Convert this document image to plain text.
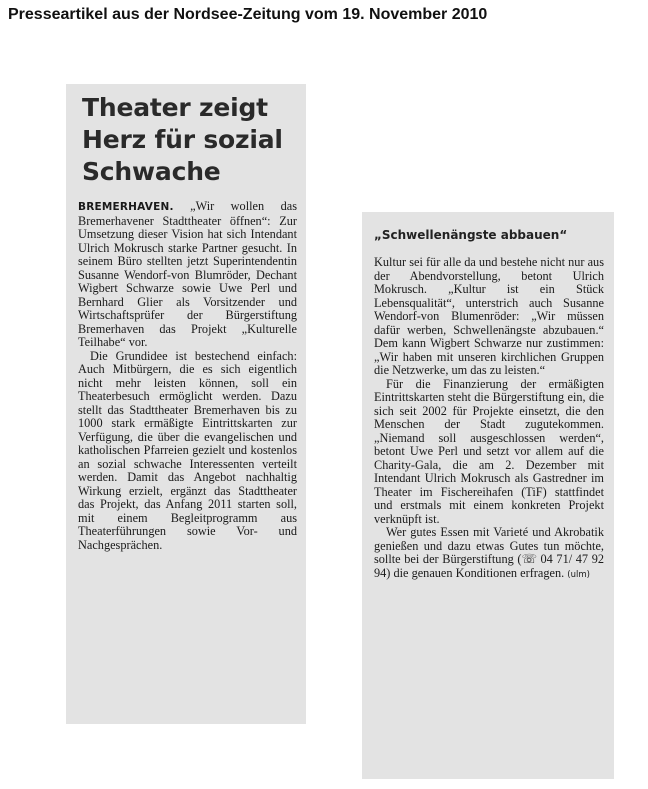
Presseartikel aus der Nordsee-Zeitung vom 19. November 2010
Theater zeigt Herz für sozial Schwache

BREMERHAVEN. „Wir wollen das Bremerhavener Stadttheater öffnen“: Zur Umsetzung dieser Vision hat sich Intendant Ulrich Mokrusch starke Partner gesucht. In seinem Büro stellten jetzt Superintendentin Susanne Wendorf-von Blumröder, Dechant Wigbert Schwarze sowie Uwe Perl und Bernhard Glier als Vorsitzender und Wirtschaftsprüfer der Bürgerstiftung Bremerhaven das Projekt „Kulturelle Teilhabe“ vor.

Die Grundidee ist bestechend einfach: Auch Mitbürgern, die es sich eigentlich nicht mehr leisten können, soll ein Theaterbesuch ermöglicht werden. Dazu stellt das Stadttheater Bremerhaven bis zu 1000 stark ermäßigte Eintrittskarten zur Verfügung, die über die evangelischen und katholischen Pfarreien gezielt und kostenlos an sozial schwache Interessenten verteilt werden. Damit das Angebot nachhaltig Wirkung erzielt, ergänzt das Stadttheater das Projekt, das Anfang 2011 starten soll, mit einem Begleitprogramm aus Theaterführungen sowie Vor- und Nachgesprächen.

„Schwellenängste abbauen“

Kultur sei für alle da und bestehe nicht nur aus der Abendvorstellung, betont Ulrich Mokrusch. „Kultur ist ein Stück Lebensqualität“, unterstrich auch Susanne Wendorf-von Blumenröder: „Wir müssen dafür werben, Schwellenängste abzubauen.“ Dem kann Wigbert Schwarze nur zustimmen: „Wir haben mit unseren kirchlichen Gruppen die Netzwerke, um das zu leisten.“

Für die Finanzierung der ermäßigten Eintrittskarten steht die Bürgerstiftung ein, die sich seit 2002 für Projekte einsetzt, die den Menschen der Stadt zugutekommen. „Niemand soll ausgeschlossen werden“, betont Uwe Perl und setzt vor allem auf die Charity-Gala, die am 2. Dezember mit Intendant Ulrich Mokrusch als Gastredner im Theater im Fischereihafen (TiF) stattfindet und erstmals mit einem konkreten Projekt verknüpft ist.

Wer gutes Essen mit Varieté und Akrobatik genießen und dazu etwas Gutes tun möchte, sollte bei der Bürgerstiftung (☏ 04 71/ 47 92 94) die genauen Konditionen erfragen. (ulm)
